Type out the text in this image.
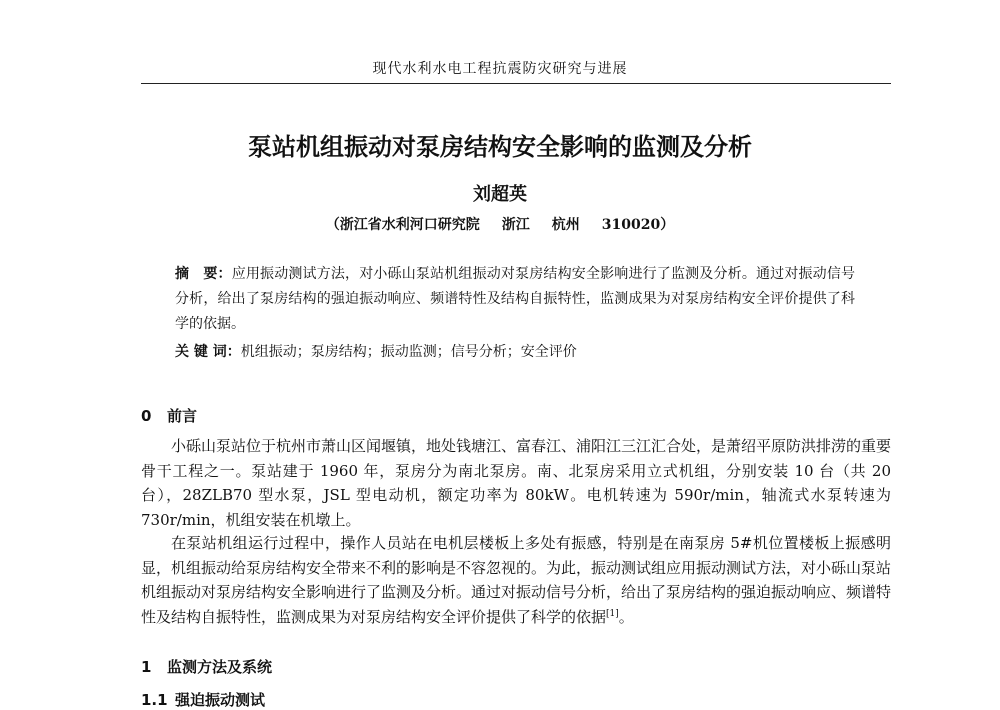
现代水利水电工程抗震防灾研究与进展
泵站机组振动对泵房结构安全影响的监测及分析
刘超英
（浙江省水利河口研究院 浙江 杭州 310020）
摘　要：应用振动测试方法，对小砾山泵站机组振动对泵房结构安全影响进行了监测及分析。通过对振动信号分析，给出了泵房结构的强迫振动响应、频谱特性及结构自振特性，监测成果为对泵房结构安全评价提供了科学的依据。
关 键 词：机组振动；泵房结构；振动监测；信号分析；安全评价
0 前言
小砾山泵站位于杭州市萧山区闻堰镇，地处钱塘江、富春江、浦阳江三江汇合处，是萧绍平原防洪排涝的重要骨干工程之一。泵站建于 1960 年，泵房分为南北泵房。南、北泵房采用立式机组，分别安装 10 台（共 20 台），28ZLB70 型水泵，JSL 型电动机，额定功率为 80kW。电机转速为 590r/min，轴流式水泵转速为 730r/min，机组安装在机墩上。
在泵站机组运行过程中，操作人员站在电机层楼板上多处有振感，特别是在南泵房 5#机位置楼板上振感明显，机组振动给泵房结构安全带来不利的影响是不容忽视的。为此，振动测试组应用振动测试方法，对小砾山泵站机组振动对泵房结构安全影响进行了监测及分析。通过对振动信号分析，给出了泵房结构的强迫振动响应、频谱特性及结构自振特性，监测成果为对泵房结构安全评价提供了科学的依据[1]。
1 监测方法及系统
1.1 强迫振动测试
